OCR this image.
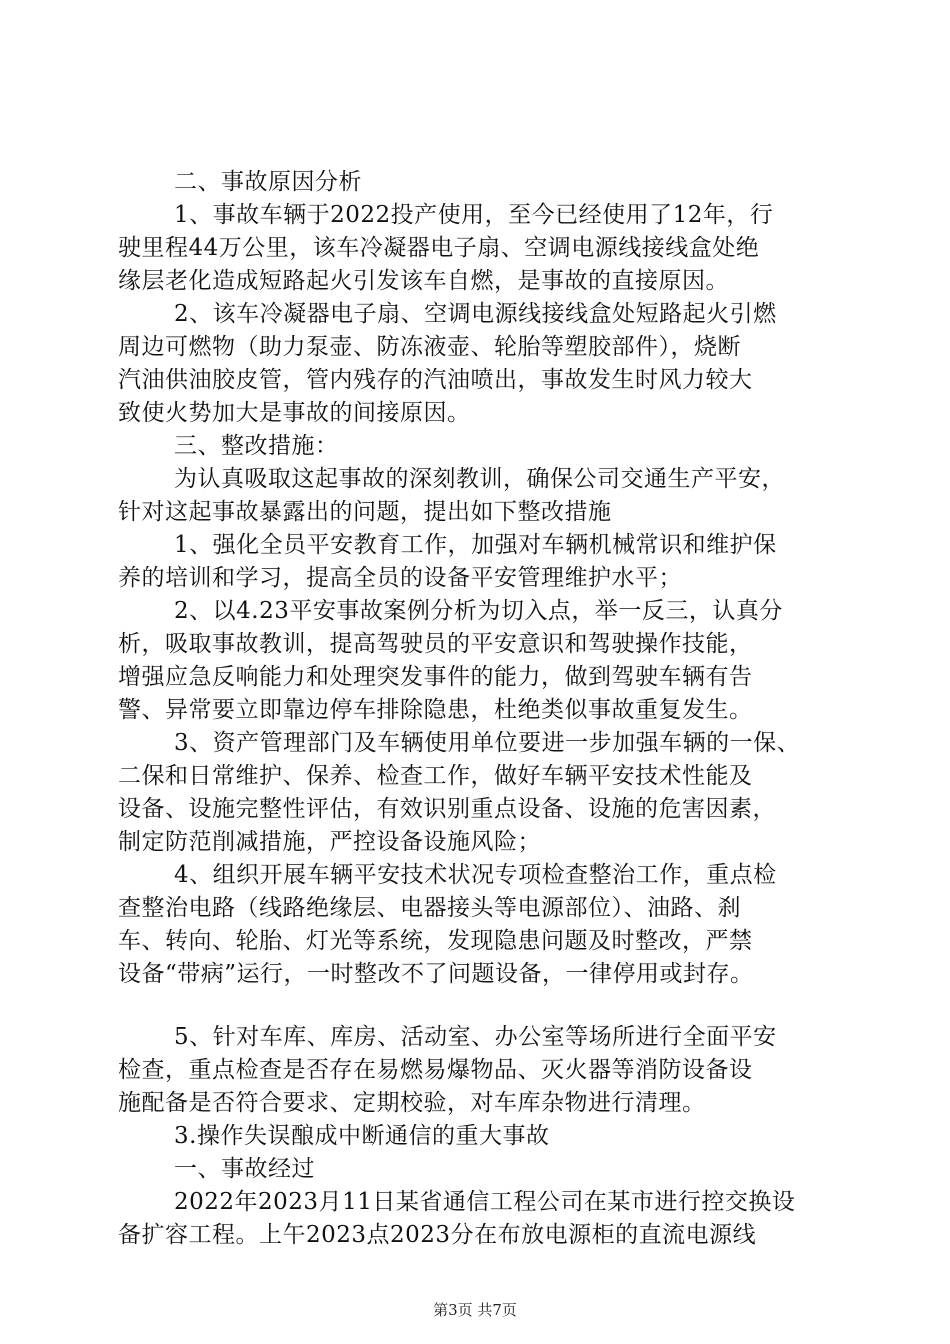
二、事故原因分析
1、事故车辆于2022投产使用，至今已经使用了12年，行
驶里程44万公里，该车冷凝器电子扇、空调电源线接线盒处绝
缘层老化造成短路起火引发该车自燃，是事故的直接原因。
2、该车冷凝器电子扇、空调电源线接线盒处短路起火引燃
周边可燃物（助力泵壶、防冻液壶、轮胎等塑胶部件），烧断
汽油供油胶皮管，管内残存的汽油喷出，事故发生时风力较大
致使火势加大是事故的间接原因。
三、整改措施：
为认真吸取这起事故的深刻教训，确保公司交通生产平安，
针对这起事故暴露出的问题，提出如下整改措施
1、强化全员平安教育工作，加强对车辆机械常识和维护保
养的培训和学习，提高全员的设备平安管理维护水平；
2、以4.23平安事故案例分析为切入点，举一反三，认真分
析，吸取事故教训，提高驾驶员的平安意识和驾驶操作技能，
增强应急反响能力和处理突发事件的能力，做到驾驶车辆有告
警、异常要立即靠边停车排除隐患，杜绝类似事故重复发生。
3、资产管理部门及车辆使用单位要进一步加强车辆的一保、
二保和日常维护、保养、检查工作，做好车辆平安技术性能及
设备、设施完整性评估，有效识别重点设备、设施的危害因素，
制定防范削减措施，严控设备设施风险；
4、组织开展车辆平安技术状况专项检查整治工作，重点检
查整治电路（线路绝缘层、电器接头等电源部位）、油路、刹
车、转向、轮胎、灯光等系统，发现隐患问题及时整改，严禁
设备“带病”运行，一时整改不了问题设备，一律停用或封存。
5、针对车库、库房、活动室、办公室等场所进行全面平安
检查，重点检查是否存在易燃易爆物品、灭火器等消防设备设
施配备是否符合要求、定期校验，对车库杂物进行清理。
3.操作失误酿成中断通信的重大事故
一、事故经过
2022年2023月11日某省通信工程公司在某市进行控交换设
备扩容工程。上午2023点2023分在布放电源柜的直流电源线
第3页 共7页
